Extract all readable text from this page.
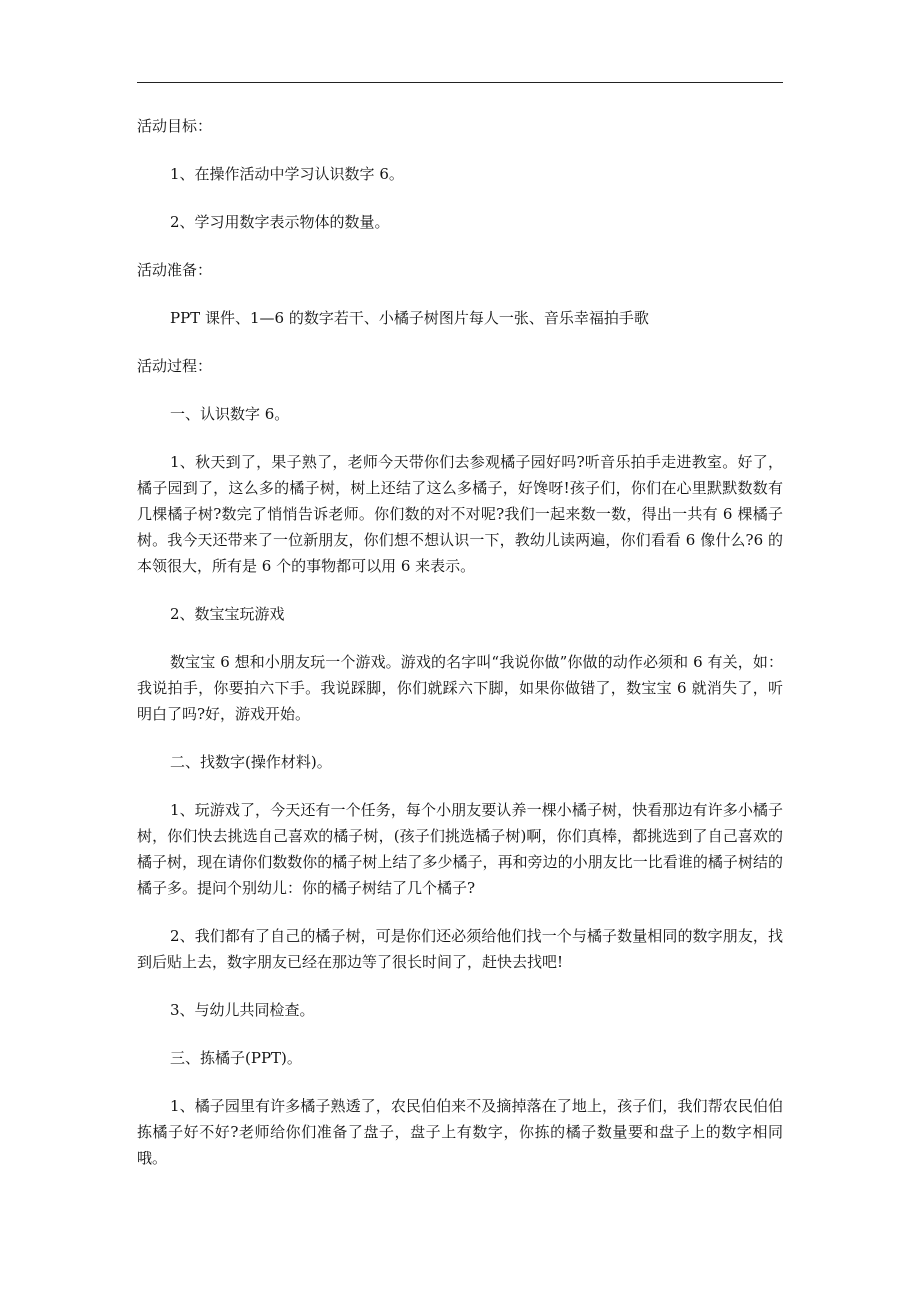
活动目标：

1、在操作活动中学习认识数字 6。

2、学习用数字表示物体的数量。

活动准备：

PPT 课件、1—6 的数字若干、小橘子树图片每人一张、音乐幸福拍手歌

活动过程：

一、认识数字 6。

1、秋天到了，果子熟了，老师今天带你们去参观橘子园好吗?听音乐拍手走进教室。好了，橘子园到了，这么多的橘子树，树上还结了这么多橘子，好馋呀!孩子们，你们在心里默默数数有几棵橘子树?数完了悄悄告诉老师。你们数的对不对呢?我们一起来数一数，得出一共有 6 棵橘子树。我今天还带来了一位新朋友，你们想不想认识一下，教幼儿读两遍，你们看看 6 像什么?6 的本领很大，所有是 6 个的事物都可以用 6 来表示。

2、数宝宝玩游戏

数宝宝 6 想和小朋友玩一个游戏。游戏的名字叫“我说你做”你做的动作必须和 6 有关，如：我说拍手，你要拍六下手。我说踩脚，你们就踩六下脚，如果你做错了，数宝宝 6 就消失了，听明白了吗?好，游戏开始。

二、找数字(操作材料)。

1、玩游戏了，今天还有一个任务，每个小朋友要认养一棵小橘子树，快看那边有许多小橘子树，你们快去挑选自己喜欢的橘子树，(孩子们挑选橘子树)啊，你们真棒，都挑选到了自己喜欢的橘子树，现在请你们数数你的橘子树上结了多少橘子，再和旁边的小朋友比一比看谁的橘子树结的橘子多。提问个别幼儿：你的橘子树结了几个橘子?

2、我们都有了自己的橘子树，可是你们还必须给他们找一个与橘子数量相同的数字朋友，找到后贴上去，数字朋友已经在那边等了很长时间了，赶快去找吧!

3、与幼儿共同检查。

三、拣橘子(PPT)。

1、橘子园里有许多橘子熟透了，农民伯伯来不及摘掉落在了地上，孩子们，我们帮农民伯伯拣橘子好不好?老师给你们准备了盘子，盘子上有数字，你拣的橘子数量要和盘子上的数字相同哦。
